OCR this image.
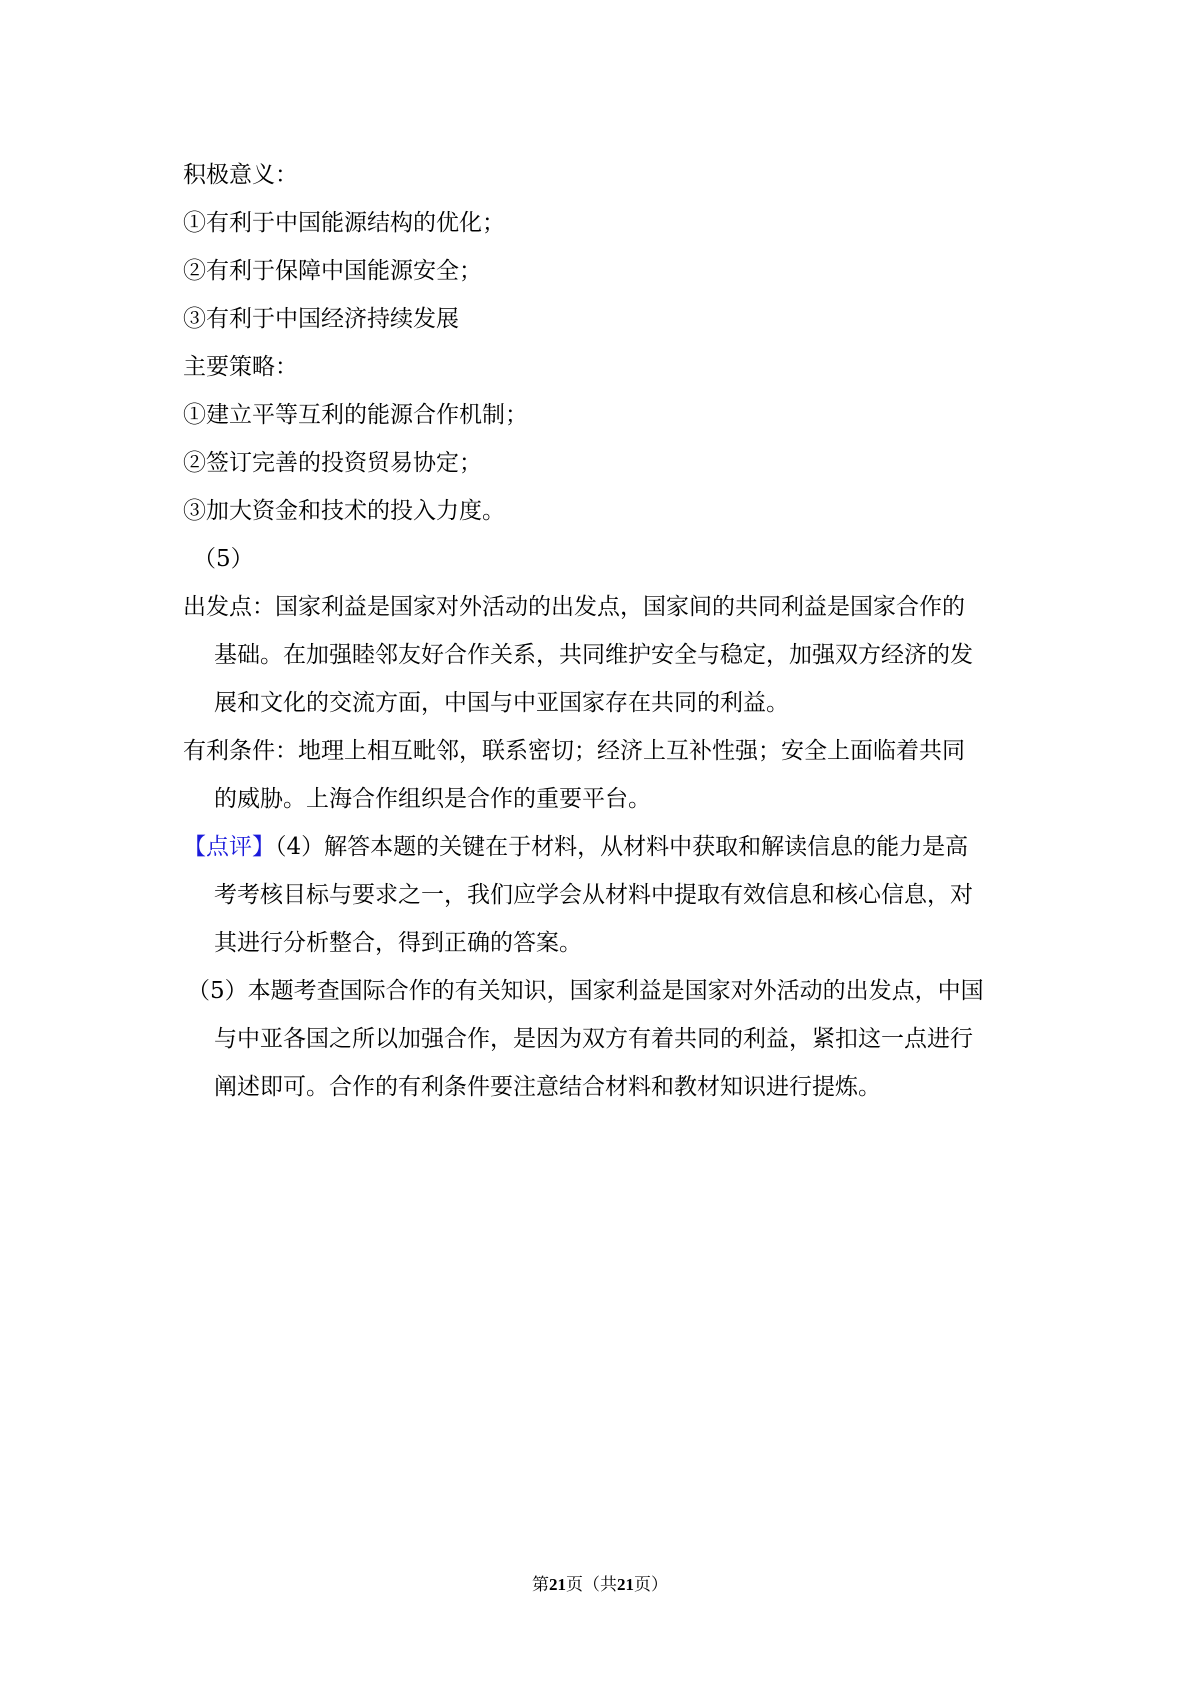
积极意义：
①有利于中国能源结构的优化；
②有利于保障中国能源安全；
③有利于中国经济持续发展
主要策略：
①建立平等互利的能源合作机制；
②签订完善的投资贸易协定；
③加大资金和技术的投入力度。
（5）
出发点：国家利益是国家对外活动的出发点，国家间的共同利益是国家合作的
基础。在加强睦邻友好合作关系，共同维护安全与稳定，加强双方经济的发
展和文化的交流方面，中国与中亚国家存在共同的利益。
有利条件：地理上相互毗邻，联系密切；经济上互补性强；安全上面临着共同
的威胁。上海合作组织是合作的重要平台。
【点评】（4）解答本题的关键在于材料，从材料中获取和解读信息的能力是高
考考核目标与要求之一，我们应学会从材料中提取有效信息和核心信息，对
其进行分析整合，得到正确的答案。
（5）本题考查国际合作的有关知识，国家利益是国家对外活动的出发点，中国
与中亚各国之所以加强合作，是因为双方有着共同的利益，紧扣这一点进行
阐述即可。合作的有利条件要注意结合材料和教材知识进行提炼。
第21页（共21页）
